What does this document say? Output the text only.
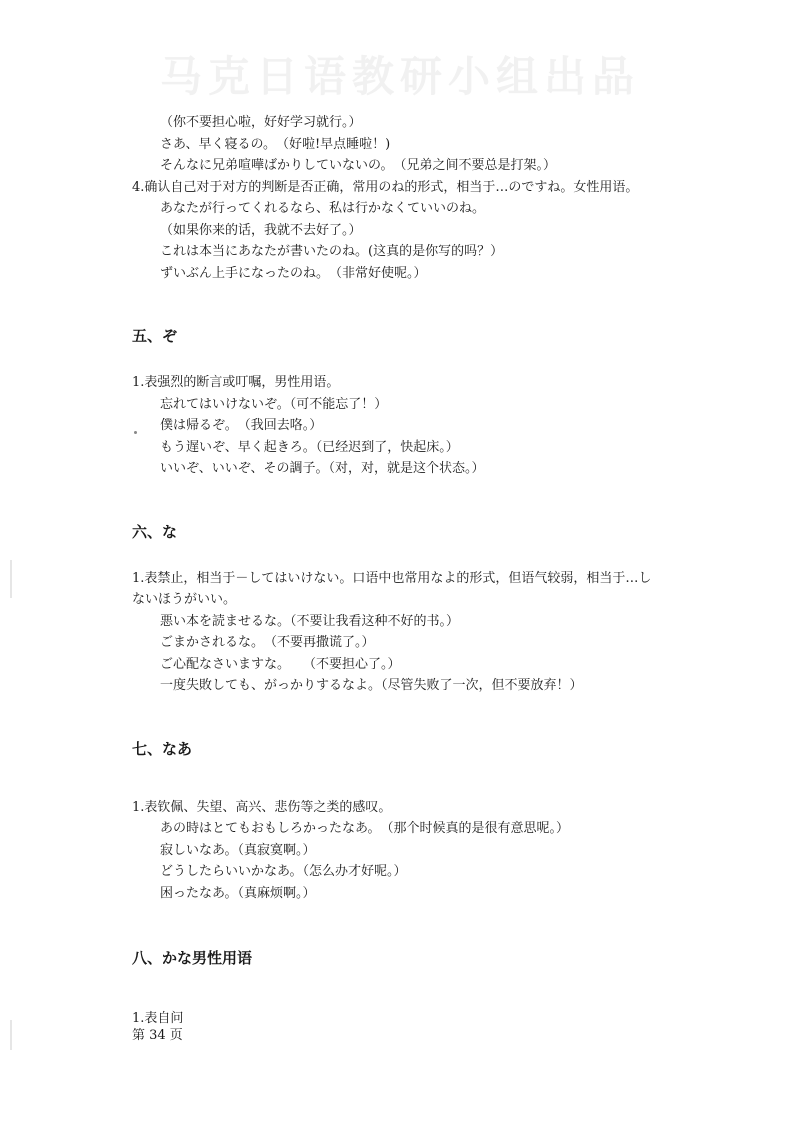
马克日语教研小组出品
（你不要担心啦，好好学习就行。）
さあ、早く寝るの。　（好啦!早点睡啦！)
そんなに兄弟喧嘩ばかりしていないの。　（兄弟之间不要总是打架。）
4.确认自己对于对方的判断是否正确，常用のね的形式，相当于…のですね。女性用语。
あなたが行ってくれるなら、私は行かなくていいのね。
（如果你来的话，我就不去好了。）
これは本当にあなたが書いたのね。(这真的是你写的吗？）
ずいぶん上手になったのね。　（非常好使呢。）
五、ぞ
1.表强烈的断言或叮嘱，男性用语。
忘れてはいけないぞ。（可不能忘了！）
僕は帰るぞ。　（我回去咯。）
もう遅いぞ、早く起きろ。（已经迟到了，快起床。）
いいぞ、いいぞ、その調子。（对，对，就是这个状态。）
六、な
1.表禁止，相当于－してはいけない。口语中也常用なよ的形式，但语气较弱，相当于…し
ないほうがいい。
悪い本を読ませるな。（不要让我看这种不好的书。）
ごまかされるな。　（不要再撒谎了。）
ご心配なさいますな。　　（不要担心了。）
一度失敗しても、がっかりするなよ。（尽管失败了一次，但不要放弃！）
七、なあ
1.表钦佩、失望、高兴、悲伤等之类的感叹。
あの時はとてもおもしろかったなあ。　（那个时候真的是很有意思呢。）
寂しいなあ。（真寂寞啊。）
どうしたらいいかなあ。（怎么办才好呢。）
困ったなあ。（真麻烦啊。）
八、かな男性用语
1.表自问
第 34 页
